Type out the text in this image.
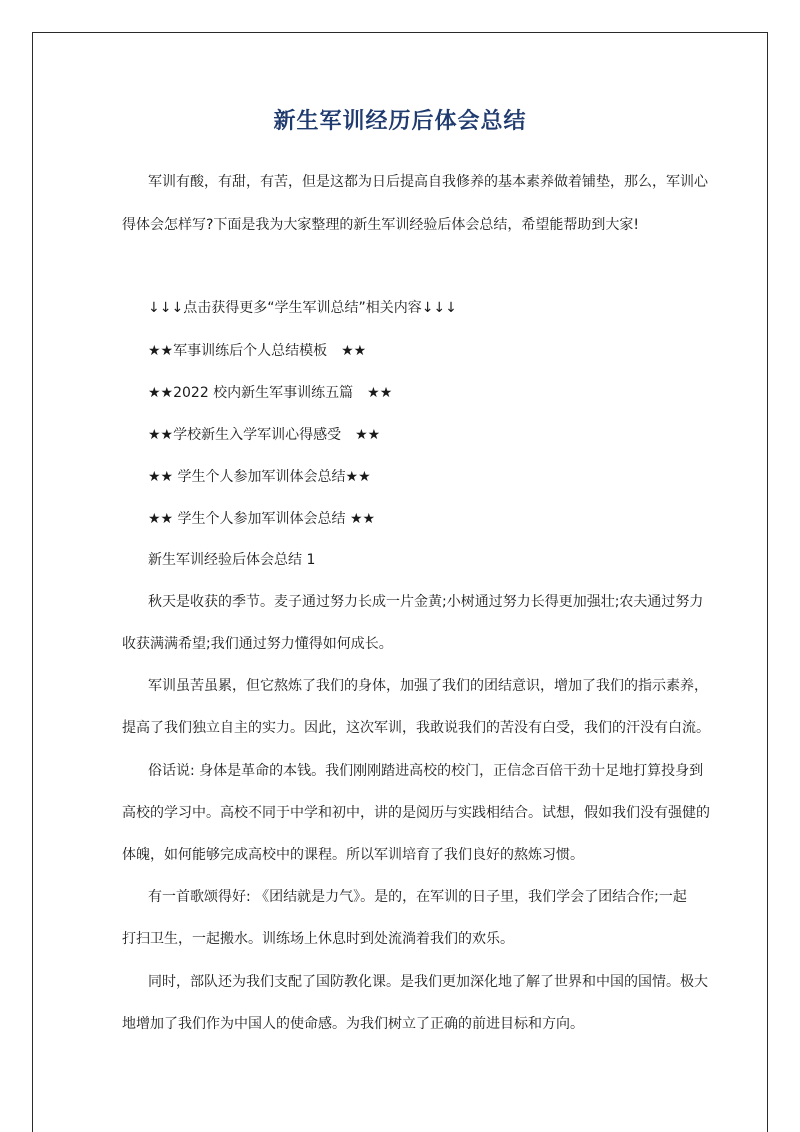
新生军训经历后体会总结
军训有酸，有甜，有苦，但是这都为日后提高自我修养的基本素养做着铺垫，那么，军训心
得体会怎样写?下面是我为大家整理的新生军训经验后体会总结，希望能帮助到大家!
↓↓↓点击获得更多“学生军训总结”相关内容↓↓↓
★★军事训练后个人总结模板　★★
★★2022 校内新生军事训练五篇　★★
★★学校新生入学军训心得感受　★★
★★ 学生个人参加军训体会总结★★
★★ 学生个人参加军训体会总结 ★★
新生军训经验后体会总结 1
秋天是收获的季节。麦子通过努力长成一片金黄;小树通过努力长得更加强壮;农夫通过努力
收获满满希望;我们通过努力懂得如何成长。
军训虽苦虽累，但它熬炼了我们的身体，加强了我们的团结意识，增加了我们的指示素养，
提高了我们独立自主的实力。因此，这次军训，我敢说我们的苦没有白受，我们的汗没有白流。
俗话说: 身体是革命的本钱。我们刚刚踏进高校的校门，正信念百倍干劲十足地打算投身到
高校的学习中。高校不同于中学和初中，讲的是阅历与实践相结合。试想，假如我们没有强健的
体魄，如何能够完成高校中的课程。所以军训培育了我们良好的熬炼习惯。
有一首歌颂得好: 《团结就是力气》。是的，在军训的日子里，我们学会了团结合作;一起
打扫卫生，一起搬水。训练场上休息时到处流淌着我们的欢乐。
同时，部队还为我们支配了国防教化课。是我们更加深化地了解了世界和中国的国情。极大
地增加了我们作为中国人的使命感。为我们树立了正确的前进目标和方向。
